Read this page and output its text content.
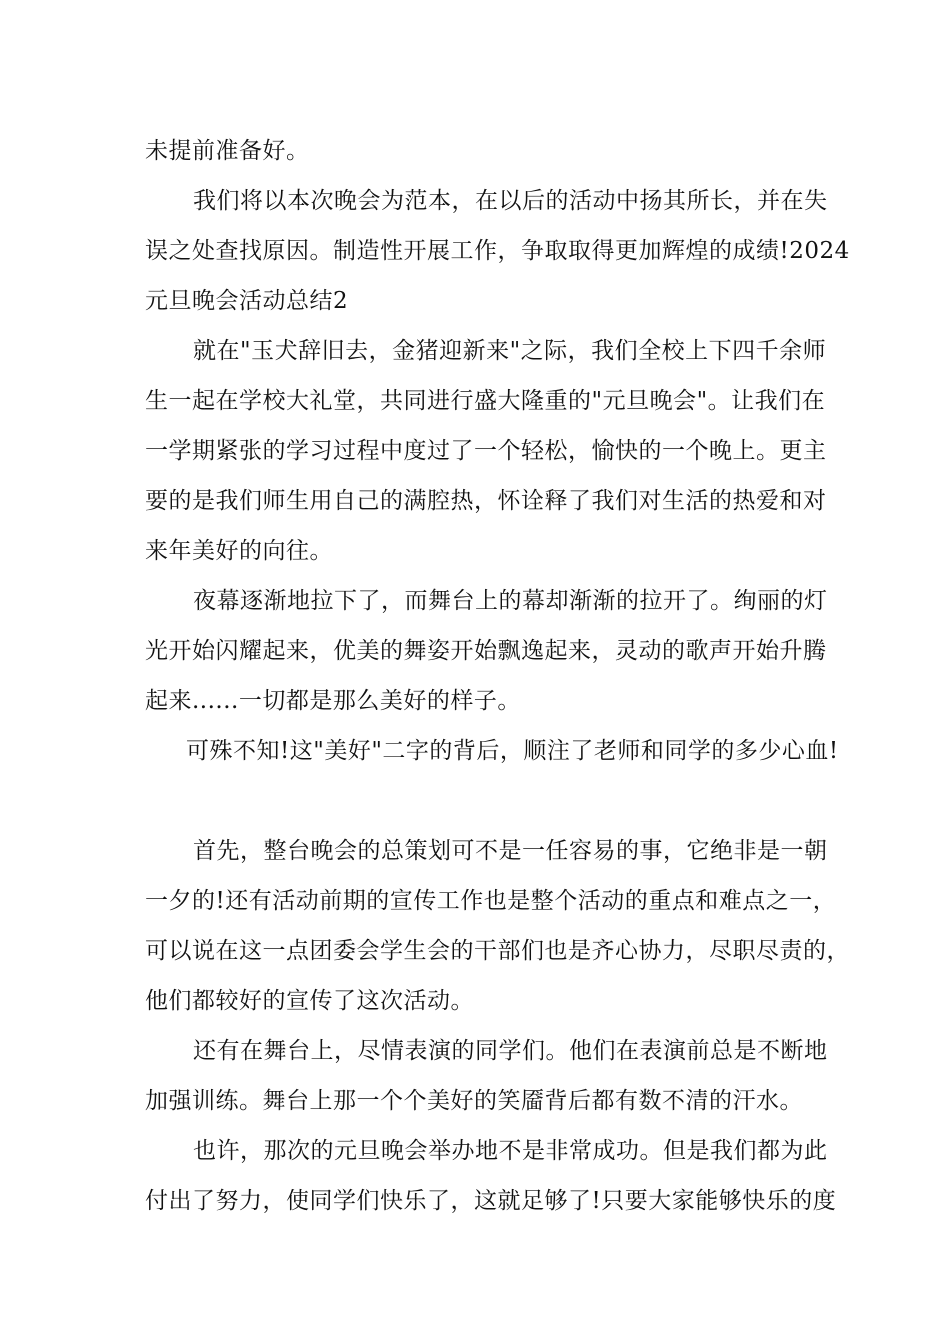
未提前准备好。
我们将以本次晚会为范本，在以后的活动中扬其所长，并在失
误之处查找原因。制造性开展工作，争取取得更加辉煌的成绩!2024
元旦晚会活动总结2
就在"玉犬辞旧去，金猪迎新来"之际，我们全校上下四千余师
生一起在学校大礼堂，共同进行盛大隆重的"元旦晚会"。让我们在
一学期紧张的学习过程中度过了一个轻松，愉快的一个晚上。更主
要的是我们师生用自己的满腔热，怀诠释了我们对生活的热爱和对
来年美好的向往。
夜幕逐渐地拉下了，而舞台上的幕却渐渐的拉开了。绚丽的灯
光开始闪耀起来，优美的舞姿开始飘逸起来，灵动的歌声开始升腾
起来......一切都是那么美好的样子。
可殊不知!这"美好"二字的背后，顺注了老师和同学的多少心血!
首先，整台晚会的总策划可不是一任容易的事，它绝非是一朝
一夕的!还有活动前期的宣传工作也是整个活动的重点和难点之一，
可以说在这一点团委会学生会的干部们也是齐心协力，尽职尽责的，
他们都较好的宣传了这次活动。
还有在舞台上，尽情表演的同学们。他们在表演前总是不断地
加强训练。舞台上那一个个美好的笑靥背后都有数不清的汗水。
也许，那次的元旦晚会举办地不是非常成功。但是我们都为此
付出了努力，使同学们快乐了，这就足够了!只要大家能够快乐的度
